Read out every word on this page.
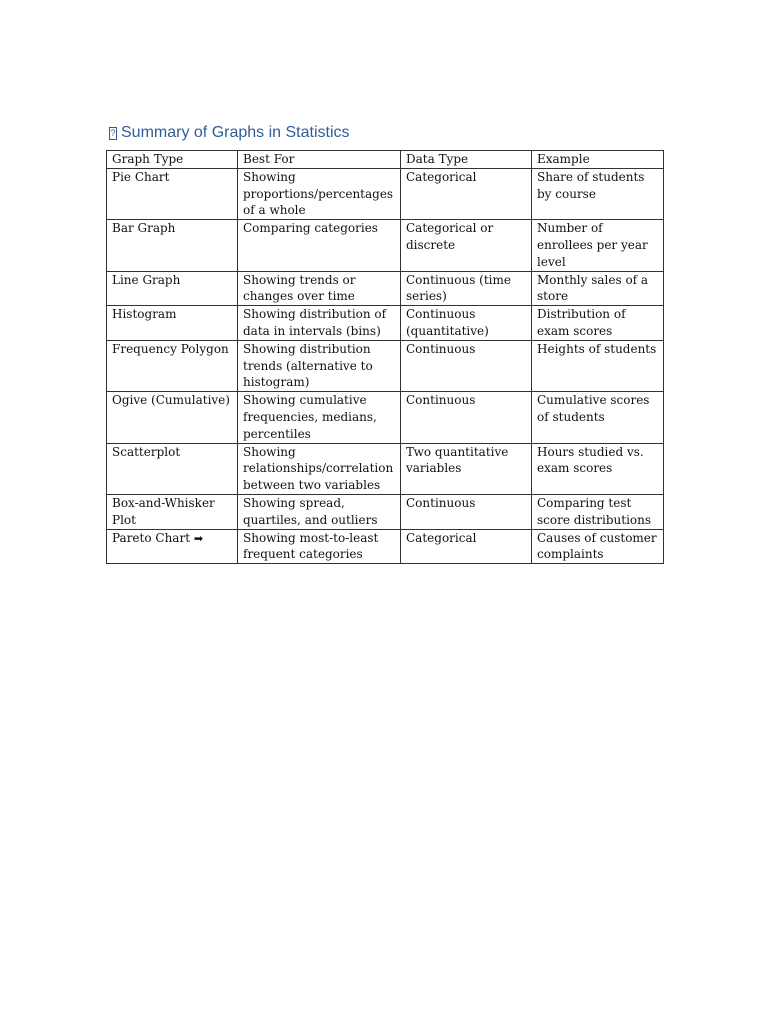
?
Summary of Graphs in Statistics
Graph Type	Best For	Data Type	Example
Pie Chart	Showing proportions/percentages of a whole	Categorical	Share of students by course
Bar Graph	Comparing categories	Categorical or discrete	Number of enrollees per year level
Line Graph	Showing trends or changes over time	Continuous (time series)	Monthly sales of a store
Histogram	Showing distribution of data in intervals (bins)	Continuous (quantitative)	Distribution of exam scores
Frequency Polygon	Showing distribution trends (alternative to histogram)	Continuous	Heights of students
Ogive (Cumulative)	Showing cumulative frequencies, medians, percentiles	Continuous	Cumulative scores of students
Scatterplot	Showing relationships/correlation between two variables	Two quantitative variables	Hours studied vs. exam scores
Box-and-Whisker Plot	Showing spread, quartiles, and outliers	Continuous	Comparing test score distributions
Pareto Chart ➡	Showing most-to-least frequent categories	Categorical	Causes of customer complaints
